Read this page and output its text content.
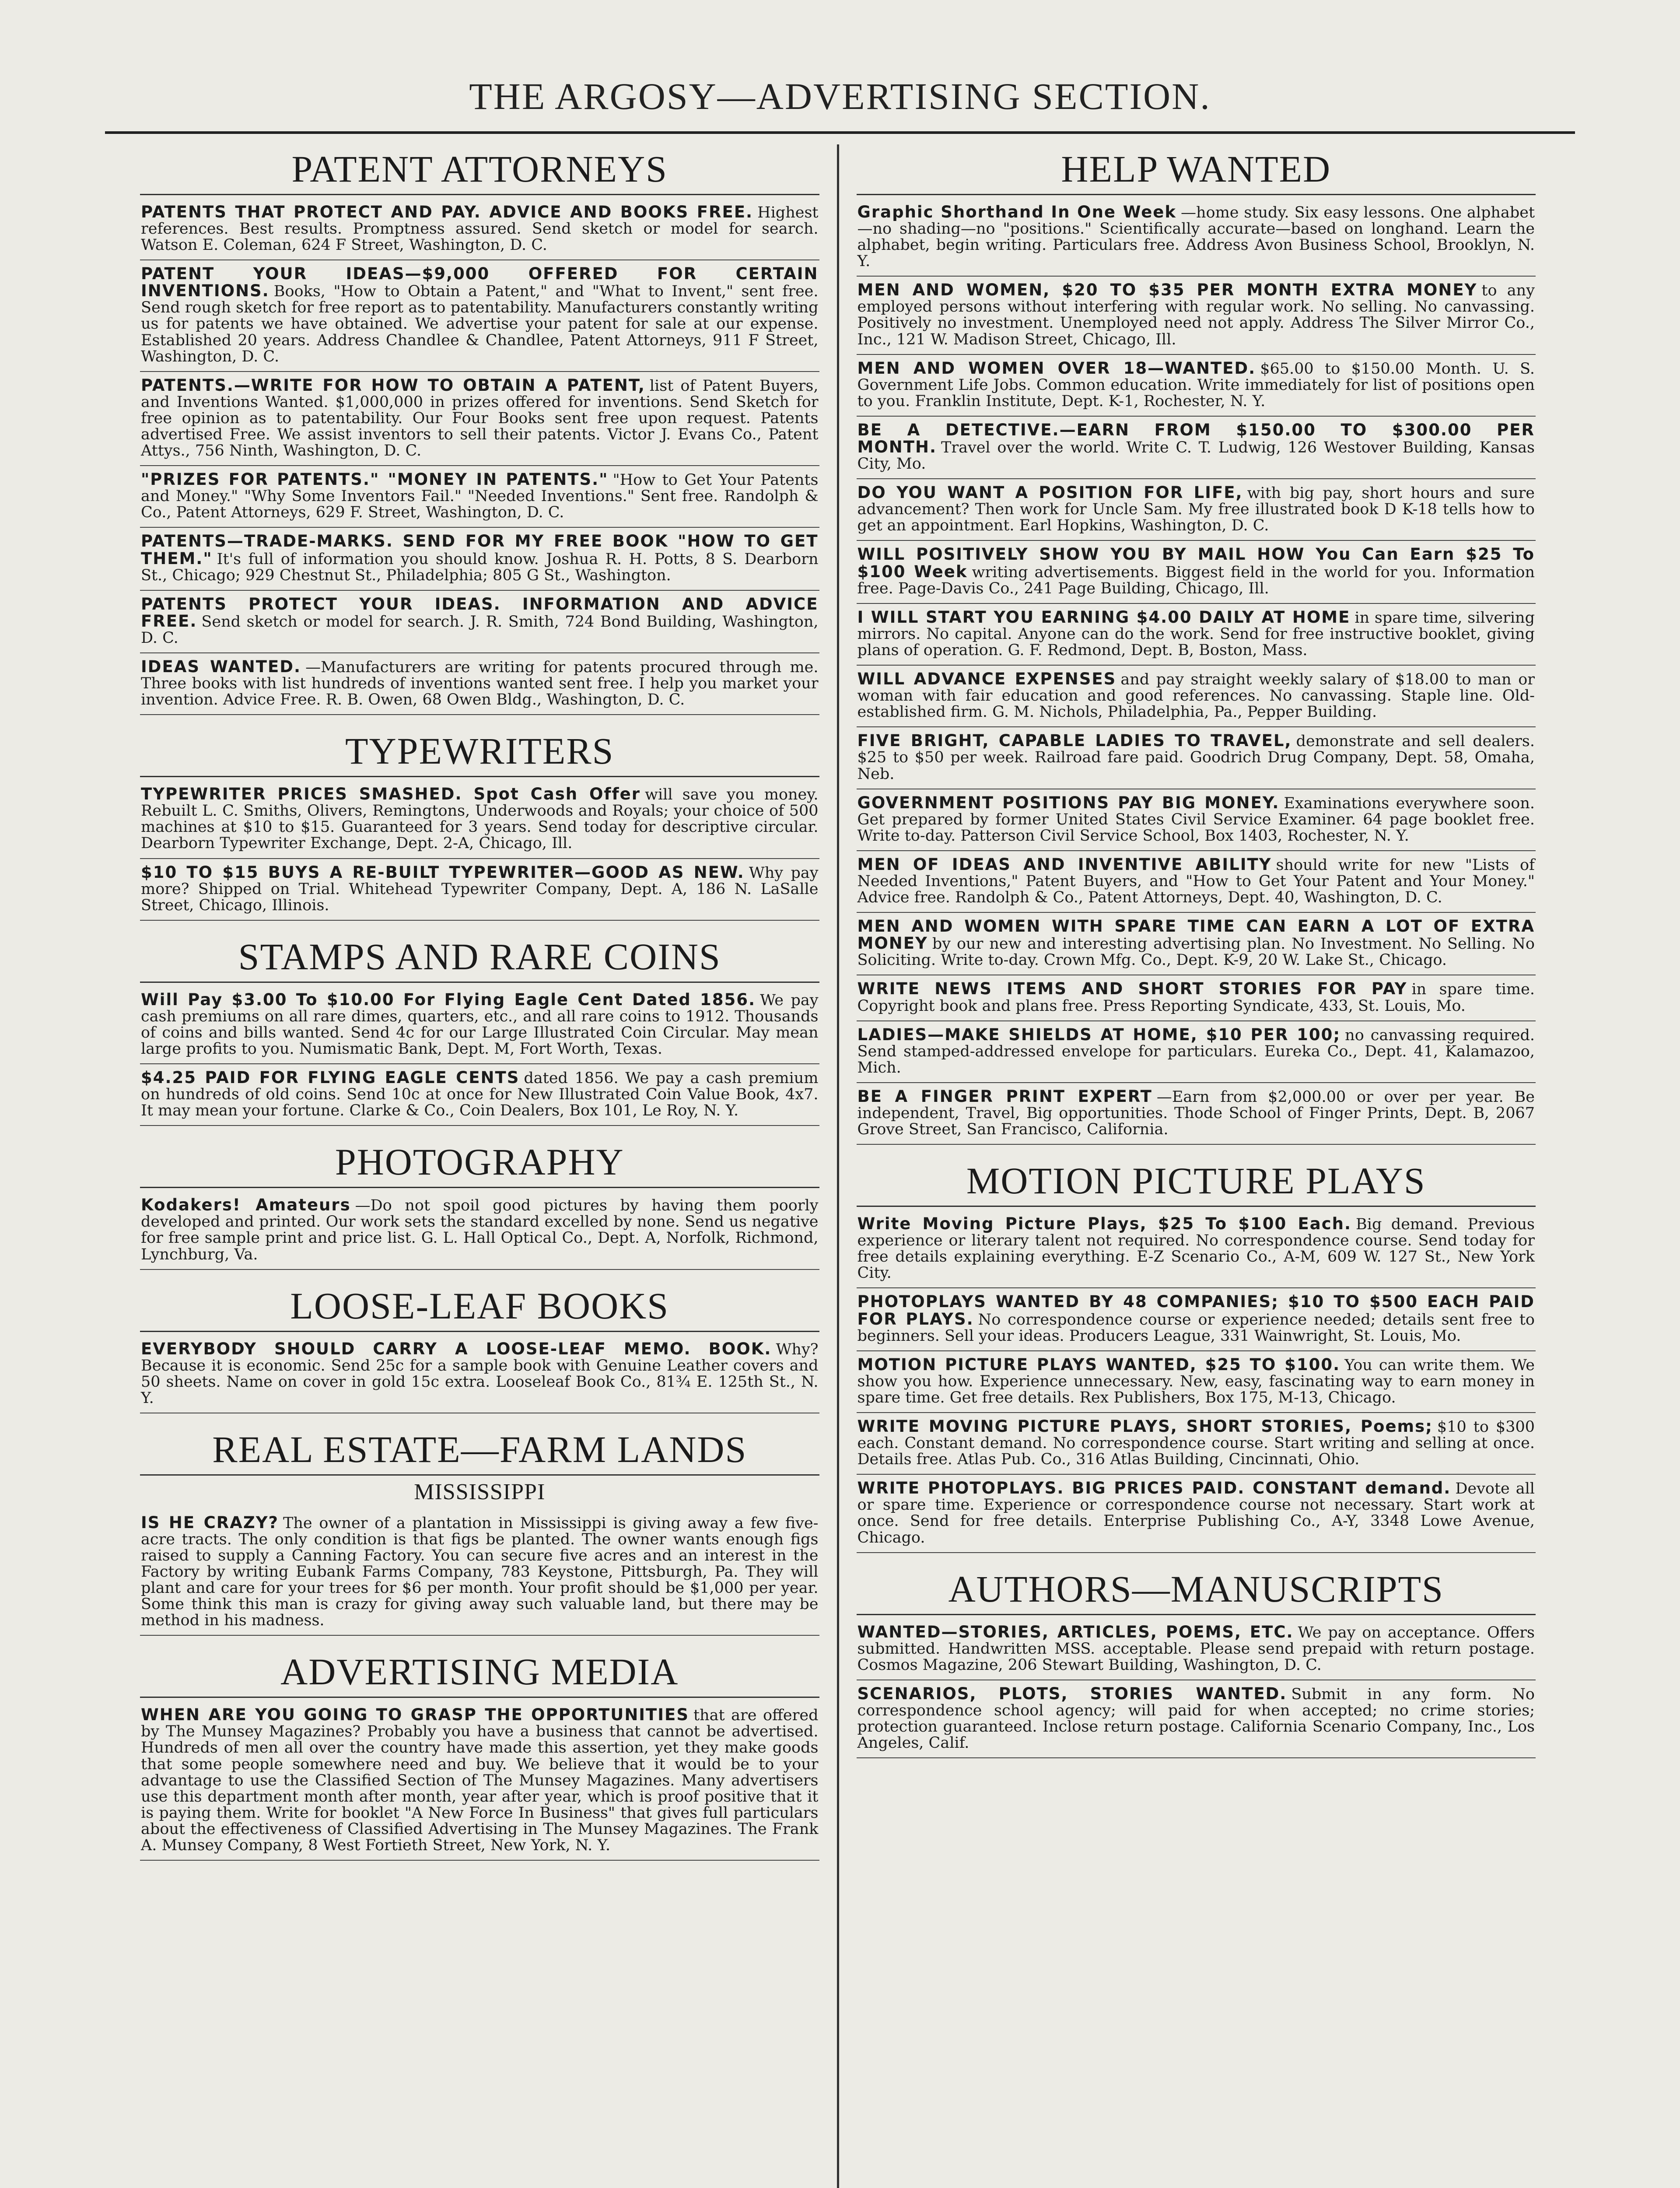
THE ARGOSY—ADVERTISING SECTION.
PATENT ATTORNEYS
PATENTS THAT PROTECT AND PAY. ADVICE AND BOOKS FREE. Highest references. Best results. Promptness assured. Send sketch or model for search. Watson E. Coleman, 624 F Street, Washington, D. C.
PATENT YOUR IDEAS—$9,000 OFFERED FOR CERTAIN INVENTIONS. Books, "How to Obtain a Patent," and "What to Invent," sent free. Send rough sketch for free report as to patentability. Manufacturers constantly writing us for patents we have obtained. We advertise your patent for sale at our expense. Established 20 years. Address Chandlee & Chandlee, Patent Attorneys, 911 F Street, Washington, D. C.
PATENTS.—WRITE FOR HOW TO OBTAIN A PATENT, list of Patent Buyers, and Inventions Wanted. $1,000,000 in prizes offered for inventions. Send Sketch for free opinion as to patentability. Our Four Books sent free upon request. Patents advertised Free. We assist inventors to sell their patents. Victor J. Evans Co., Patent Attys., 756 Ninth, Washington, D. C.
"PRIZES FOR PATENTS." "MONEY IN PATENTS." "How to Get Your Patents and Money." "Why Some Inventors Fail." "Needed Inventions." Sent free. Randolph & Co., Patent Attorneys, 629 F. Street, Washington, D. C.
PATENTS—TRADE-MARKS. SEND FOR MY FREE BOOK "HOW TO GET THEM." It's full of information you should know. Joshua R. H. Potts, 8 S. Dearborn St., Chicago; 929 Chestnut St., Philadelphia; 805 G St., Washington.
PATENTS PROTECT YOUR IDEAS. INFORMATION AND ADVICE FREE. Send sketch or model for search. J. R. Smith, 724 Bond Building, Washington, D. C.
IDEAS WANTED. —Manufacturers are writing for patents procured through me. Three books with list hundreds of inventions wanted sent free. I help you market your invention. Advice Free. R. B. Owen, 68 Owen Bldg., Washington, D. C.
TYPEWRITERS
TYPEWRITER PRICES SMASHED. Spot Cash Offer will save you money. Rebuilt L. C. Smiths, Olivers, Remingtons, Underwoods and Royals; your choice of 500 machines at $10 to $15. Guaranteed for 3 years. Send today for descriptive circular. Dearborn Typewriter Exchange, Dept. 2-A, Chicago, Ill.
$10 TO $15 BUYS A RE-BUILT TYPEWRITER—GOOD AS NEW. Why pay more? Shipped on Trial. Whitehead Typewriter Company, Dept. A, 186 N. LaSalle Street, Chicago, Illinois.
STAMPS AND RARE COINS
Will Pay $3.00 To $10.00 For Flying Eagle Cent Dated 1856. We pay cash premiums on all rare dimes, quarters, etc., and all rare coins to 1912. Thousands of coins and bills wanted. Send 4c for our Large Illustrated Coin Circular. May mean large profits to you. Numismatic Bank, Dept. M, Fort Worth, Texas.
$4.25 PAID FOR FLYING EAGLE CENTS dated 1856. We pay a cash premium on hundreds of old coins. Send 10c at once for New Illustrated Coin Value Book, 4x7. It may mean your fortune. Clarke & Co., Coin Dealers, Box 101, Le Roy, N. Y.
PHOTOGRAPHY
Kodakers! Amateurs —Do not spoil good pictures by having them poorly developed and printed. Our work sets the standard excelled by none. Send us negative for free sample print and price list. G. L. Hall Optical Co., Dept. A, Norfolk, Richmond, Lynchburg, Va.
LOOSE-LEAF BOOKS
EVERYBODY SHOULD CARRY A LOOSE-LEAF MEMO. BOOK. Why? Because it is economic. Send 25c for a sample book with Genuine Leather covers and 50 sheets. Name on cover in gold 15c extra. Looseleaf Book Co., 81¾ E. 125th St., N. Y.
REAL ESTATE—FARM LANDS
MISSISSIPPI
IS HE CRAZY? The owner of a plantation in Mississippi is giving away a few five-acre tracts. The only condition is that figs be planted. The owner wants enough figs raised to supply a Canning Factory. You can secure five acres and an interest in the Factory by writing Eubank Farms Company, 783 Keystone, Pittsburgh, Pa. They will plant and care for your trees for $6 per month. Your profit should be $1,000 per year. Some think this man is crazy for giving away such valuable land, but there may be method in his madness.
ADVERTISING MEDIA
WHEN ARE YOU GOING TO GRASP THE OPPORTUNITIES that are offered by The Munsey Magazines? Probably you have a business that cannot be advertised. Hundreds of men all over the country have made this assertion, yet they make goods that some people somewhere need and buy. We believe that it would be to your advantage to use the Classified Section of The Munsey Magazines. Many advertisers use this department month after month, year after year, which is proof positive that it is paying them. Write for booklet "A New Force In Business" that gives full particulars about the effectiveness of Classified Advertising in The Munsey Magazines. The Frank A. Munsey Company, 8 West Fortieth Street, New York, N. Y.
HELP WANTED
Graphic Shorthand In One Week —home study. Six easy lessons. One alphabet—no shading—no "positions." Scientifically accurate—based on longhand. Learn the alphabet, begin writing. Particulars free. Address Avon Business School, Brooklyn, N. Y.
MEN AND WOMEN, $20 TO $35 PER MONTH EXTRA MONEY to any employed persons without interfering with regular work. No selling. No canvassing. Positively no investment. Unemployed need not apply. Address The Silver Mirror Co., Inc., 121 W. Madison Street, Chicago, Ill.
MEN AND WOMEN OVER 18—WANTED. $65.00 to $150.00 Month. U. S. Government Life Jobs. Common education. Write immediately for list of positions open to you. Franklin Institute, Dept. K-1, Rochester, N. Y.
BE A DETECTIVE.—EARN FROM $150.00 TO $300.00 PER MONTH. Travel over the world. Write C. T. Ludwig, 126 Westover Building, Kansas City, Mo.
DO YOU WANT A POSITION FOR LIFE, with big pay, short hours and sure advancement? Then work for Uncle Sam. My free illustrated book D K-18 tells how to get an appointment. Earl Hopkins, Washington, D. C.
WILL POSITIVELY SHOW YOU BY MAIL HOW You Can Earn $25 To $100 Week writing advertisements. Biggest field in the world for you. Information free. Page-Davis Co., 241 Page Building, Chicago, Ill.
I WILL START YOU EARNING $4.00 DAILY AT HOME in spare time, silvering mirrors. No capital. Anyone can do the work. Send for free instructive booklet, giving plans of operation. G. F. Redmond, Dept. B, Boston, Mass.
WILL ADVANCE EXPENSES and pay straight weekly salary of $18.00 to man or woman with fair education and good references. No canvassing. Staple line. Old-established firm. G. M. Nichols, Philadelphia, Pa., Pepper Building.
FIVE BRIGHT, CAPABLE LADIES TO TRAVEL, demonstrate and sell dealers. $25 to $50 per week. Railroad fare paid. Goodrich Drug Company, Dept. 58, Omaha, Neb.
GOVERNMENT POSITIONS PAY BIG MONEY. Examinations everywhere soon. Get prepared by former United States Civil Service Examiner. 64 page booklet free. Write to-day. Patterson Civil Service School, Box 1403, Rochester, N. Y.
MEN OF IDEAS AND INVENTIVE ABILITY should write for new "Lists of Needed Inventions," Patent Buyers, and "How to Get Your Patent and Your Money." Advice free. Randolph & Co., Patent Attorneys, Dept. 40, Washington, D. C.
MEN AND WOMEN WITH SPARE TIME CAN EARN A LOT OF EXTRA MONEY by our new and interesting advertising plan. No Investment. No Selling. No Soliciting. Write to-day. Crown Mfg. Co., Dept. K-9, 20 W. Lake St., Chicago.
WRITE NEWS ITEMS AND SHORT STORIES FOR PAY in spare time. Copyright book and plans free. Press Reporting Syndicate, 433, St. Louis, Mo.
LADIES—MAKE SHIELDS AT HOME, $10 PER 100; no canvassing required. Send stamped-addressed envelope for particulars. Eureka Co., Dept. 41, Kalamazoo, Mich.
BE A FINGER PRINT EXPERT —Earn from $2,000.00 or over per year. Be independent, Travel, Big opportunities. Thode School of Finger Prints, Dept. B, 2067 Grove Street, San Francisco, California.
MOTION PICTURE PLAYS
Write Moving Picture Plays, $25 To $100 Each. Big demand. Previous experience or literary talent not required. No correspondence course. Send today for free details explaining everything. E-Z Scenario Co., A-M, 609 W. 127 St., New York City.
PHOTOPLAYS WANTED BY 48 COMPANIES; $10 TO $500 EACH PAID FOR PLAYS. No correspondence course or experience needed; details sent free to beginners. Sell your ideas. Producers League, 331 Wainwright, St. Louis, Mo.
MOTION PICTURE PLAYS WANTED, $25 TO $100. You can write them. We show you how. Experience unnecessary. New, easy, fascinating way to earn money in spare time. Get free details. Rex Publishers, Box 175, M-13, Chicago.
WRITE MOVING PICTURE PLAYS, SHORT STORIES, Poems; $10 to $300 each. Constant demand. No correspondence course. Start writing and selling at once. Details free. Atlas Pub. Co., 316 Atlas Building, Cincinnati, Ohio.
WRITE PHOTOPLAYS. BIG PRICES PAID. CONSTANT demand. Devote all or spare time. Experience or correspondence course not necessary. Start work at once. Send for free details. Enterprise Publishing Co., A-Y, 3348 Lowe Avenue, Chicago.
AUTHORS—MANUSCRIPTS
WANTED—STORIES, ARTICLES, POEMS, ETC. We pay on acceptance. Offers submitted. Handwritten MSS. acceptable. Please send prepaid with return postage. Cosmos Magazine, 206 Stewart Building, Washington, D. C.
SCENARIOS, PLOTS, STORIES WANTED. Submit in any form. No correspondence school agency; will paid for when accepted; no crime stories; protection guaranteed. Inclose return postage. California Scenario Company, Inc., Los Angeles, Calif.
